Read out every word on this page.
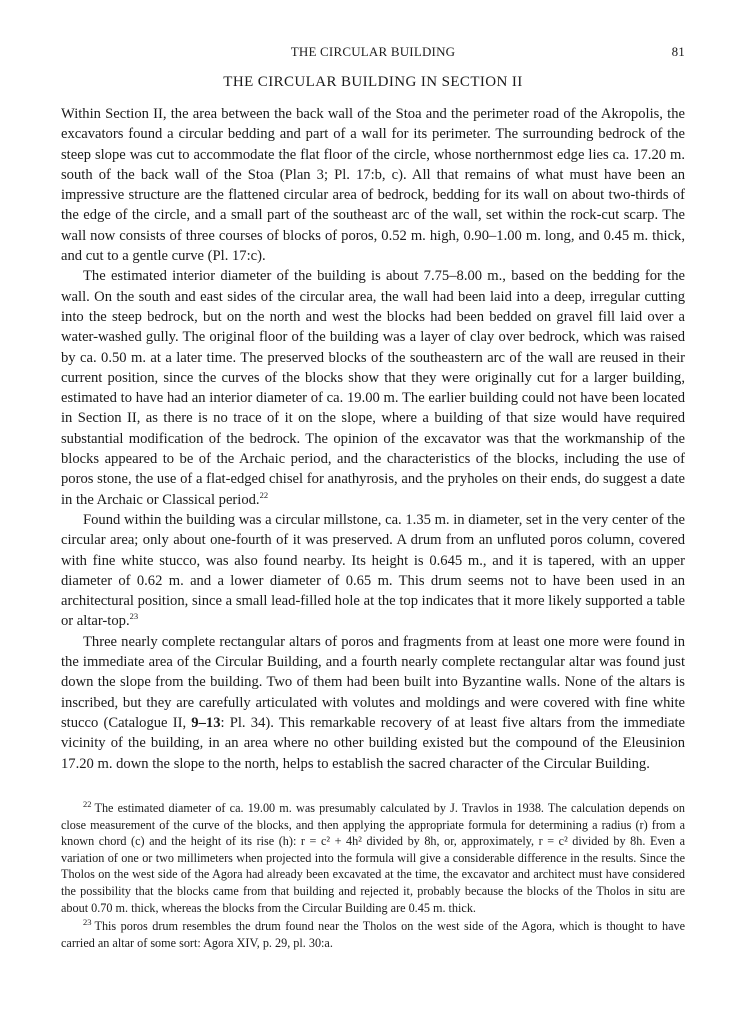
THE CIRCULAR BUILDING	81
THE CIRCULAR BUILDING IN SECTION II

Within Section II, the area between the back wall of the Stoa and the perimeter road of the Akropolis, the excavators found a circular bedding and part of a wall for its perimeter. The surrounding bedrock of the steep slope was cut to accommodate the flat floor of the circle, whose northernmost edge lies ca. 17.20 m. south of the back wall of the Stoa (Plan 3; Pl. 17:b, c). All that remains of what must have been an impressive structure are the flattened circular area of bedrock, bedding for its wall on about two-thirds of the edge of the circle, and a small part of the southeast arc of the wall, set within the rock-cut scarp. The wall now consists of three courses of blocks of poros, 0.52 m. high, 0.90–1.00 m. long, and 0.45 m. thick, and cut to a gentle curve (Pl. 17:c).

The estimated interior diameter of the building is about 7.75–8.00 m., based on the bedding for the wall. On the south and east sides of the circular area, the wall had been laid into a deep, irregular cutting into the steep bedrock, but on the north and west the blocks had been bedded on gravel fill laid over a water-washed gully. The original floor of the building was a layer of clay over bedrock, which was raised by ca. 0.50 m. at a later time. The preserved blocks of the southeastern arc of the wall are reused in their current position, since the curves of the blocks show that they were originally cut for a larger building, estimated to have had an interior diameter of ca. 19.00 m. The earlier building could not have been located in Section II, as there is no trace of it on the slope, where a building of that size would have required substantial modification of the bedrock. The opinion of the excavator was that the workmanship of the blocks appeared to be of the Archaic period, and the characteristics of the blocks, including the use of poros stone, the use of a flat-edged chisel for anathyrosis, and the pryholes on their ends, do suggest a date in the Archaic or Classical period.$^{22}$

Found within the building was a circular millstone, ca. 1.35 m. in diameter, set in the very center of the circular area; only about one-fourth of it was preserved. A drum from an unfluted poros column, covered with fine white stucco, was also found nearby. Its height is 0.645 m., and it is tapered, with an upper diameter of 0.62 m. and a lower diameter of 0.65 m. This drum seems not to have been used in an architectural position, since a small lead-filled hole at the top indicates that it more likely supported a table or altar-top.$^{23}$

Three nearly complete rectangular altars of poros and fragments from at least one more were found in the immediate area of the Circular Building, and a fourth nearly complete rectangular altar was found just down the slope from the building. Two of them had been built into Byzantine walls. None of the altars is inscribed, but they are carefully articulated with volutes and moldings and were covered with fine white stucco (Catalogue II, 9–13: Pl. 34). This remarkable recovery of at least five altars from the immediate vicinity of the building, in an area where no other building existed but the compound of the Eleusinion 17.20 m. down the slope to the north, helps to establish the sacred character of the Circular Building.

$^{22}$ The estimated diameter of ca. 19.00 m. was presumably calculated by J. Travlos in 1938. The calculation depends on close measurement of the curve of the blocks, and then applying the appropriate formula for determining a radius (r) from a known chord (c) and the height of its rise (h): r = c² + 4h² divided by 8h, or, approximately, r = c² divided by 8h. Even a variation of one or two millimeters when projected into the formula will give a considerable difference in the results. Since the Tholos on the west side of the Agora had already been excavated at the time, the excavator and architect must have considered the possibility that the blocks came from that building and rejected it, probably because the blocks of the Tholos in situ are about 0.70 m. thick, whereas the blocks from the Circular Building are 0.45 m. thick.

$^{23}$ This poros drum resembles the drum found near the Tholos on the west side of the Agora, which is thought to have carried an altar of some sort: Agora XIV, p. 29, pl. 30:a.
